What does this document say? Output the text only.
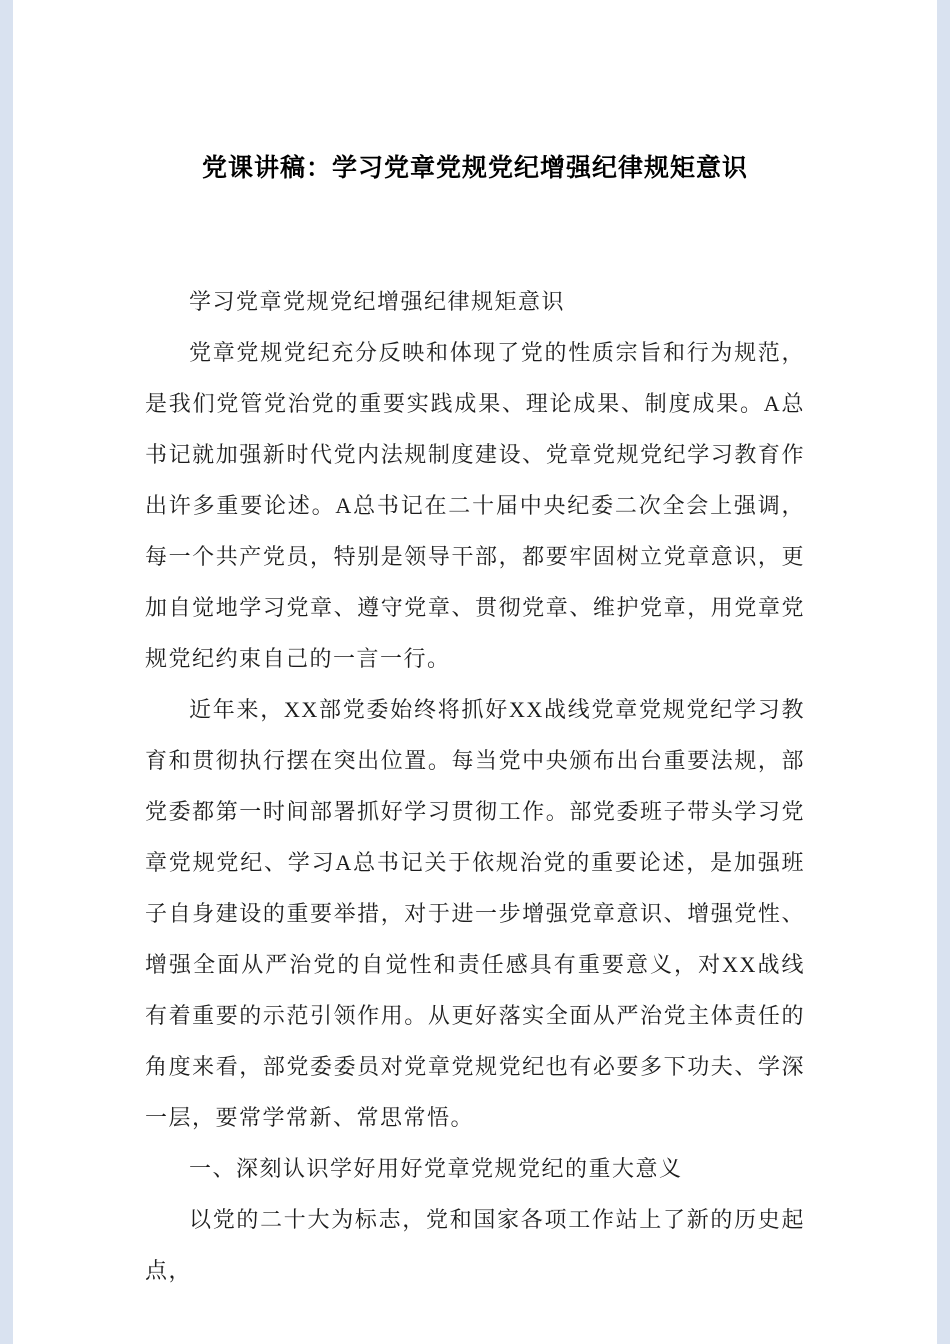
党课讲稿：学习党章党规党纪增强纪律规矩意识

学习党章党规党纪增强纪律规矩意识

党章党规党纪充分反映和体现了党的性质宗旨和行为规范，是我们党管党治党的重要实践成果、理论成果、制度成果。A总书记就加强新时代党内法规制度建设、党章党规党纪学习教育作出许多重要论述。A总书记在二十届中央纪委二次全会上强调，每一个共产党员，特别是领导干部，都要牢固树立党章意识，更加自觉地学习党章、遵守党章、贯彻党章、维护党章，用党章党规党纪约束自己的一言一行。

近年来，XX部党委始终将抓好XX战线党章党规党纪学习教育和贯彻执行摆在突出位置。每当党中央颁布出台重要法规，部党委都第一时间部署抓好学习贯彻工作。部党委班子带头学习党章党规党纪、学习A总书记关于依规治党的重要论述，是加强班子自身建设的重要举措，对于进一步增强党章意识、增强党性、增强全面从严治党的自觉性和责任感具有重要意义，对XX战线有着重要的示范引领作用。从更好落实全面从严治党主体责任的角度来看，部党委委员对党章党规党纪也有必要多下功夫、学深一层，要常学常新、常思常悟。

一、深刻认识学好用好党章党规党纪的重大意义

以党的二十大为标志，党和国家各项工作站上了新的历史起点，
